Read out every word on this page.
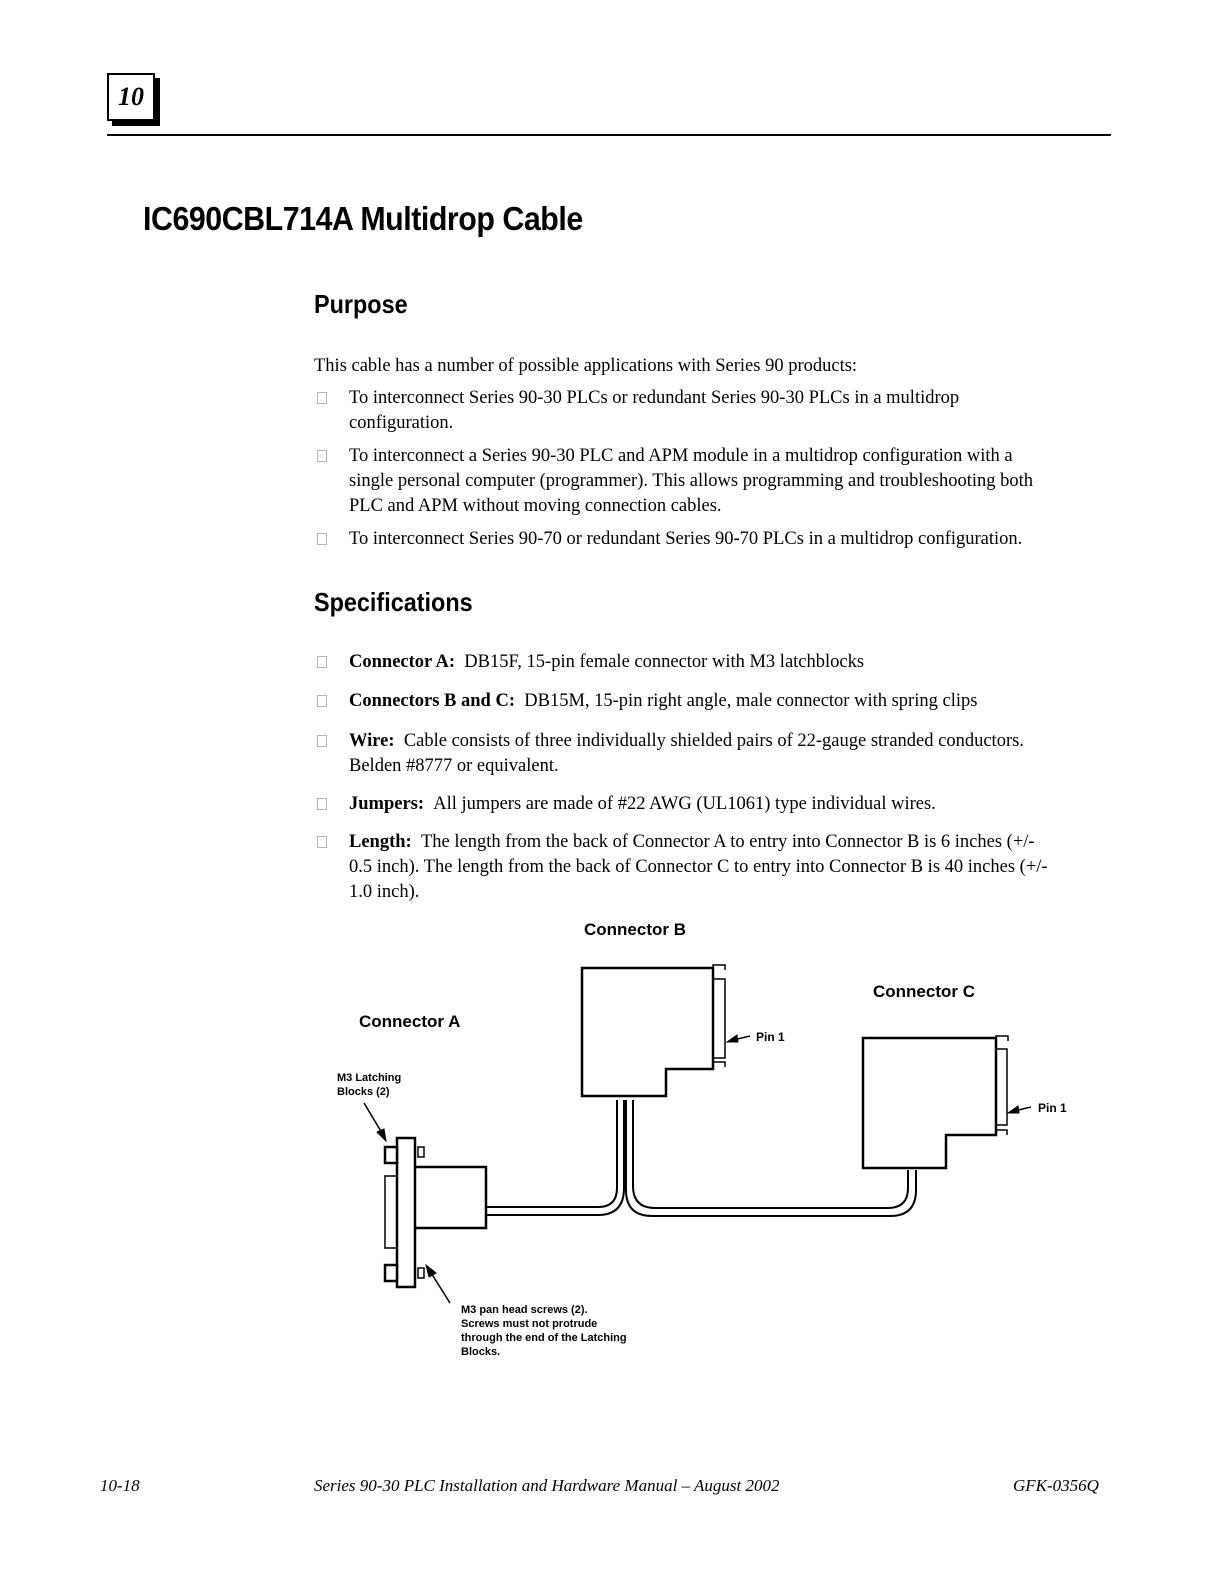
10
IC690CBL714A Multidrop Cable
Purpose
This cable has a number of possible applications with Series 90 products:
To interconnect Series 90-30 PLCs or redundant Series 90-30 PLCs in a multidrop
configuration.
To interconnect a Series 90-30 PLC and APM module in a multidrop configuration with a
single personal computer (programmer). This allows programming and troubleshooting both
PLC and APM without moving connection cables.
To interconnect Series 90-70 or redundant Series 90-70 PLCs in a multidrop configuration.
Specifications
Connector A: DB15F, 15-pin female connector with M3 latchblocks
Connectors B and C: DB15M, 15-pin right angle, male connector with spring clips
Wire: Cable consists of three individually shielded pairs of 22-gauge stranded conductors.
Belden #8777 or equivalent.
Jumpers: All jumpers are made of #22 AWG (UL1061) type individual wires.
Length: The length from the back of Connector A to entry into Connector B is 6 inches (+/-
0.5 inch). The length from the back of Connector C to entry into Connector B is 40 inches (+/-
1.0 inch).
Connector B
Connector C
Connector A
Pin 1
Pin 1
M3 Latching
Blocks (2)
M3 pan head screws (2).
Screws must not protrude
through the end of the Latching
Blocks.
10-18	Series 90-30 PLC Installation and Hardware Manual – August 2002	GFK-0356Q
